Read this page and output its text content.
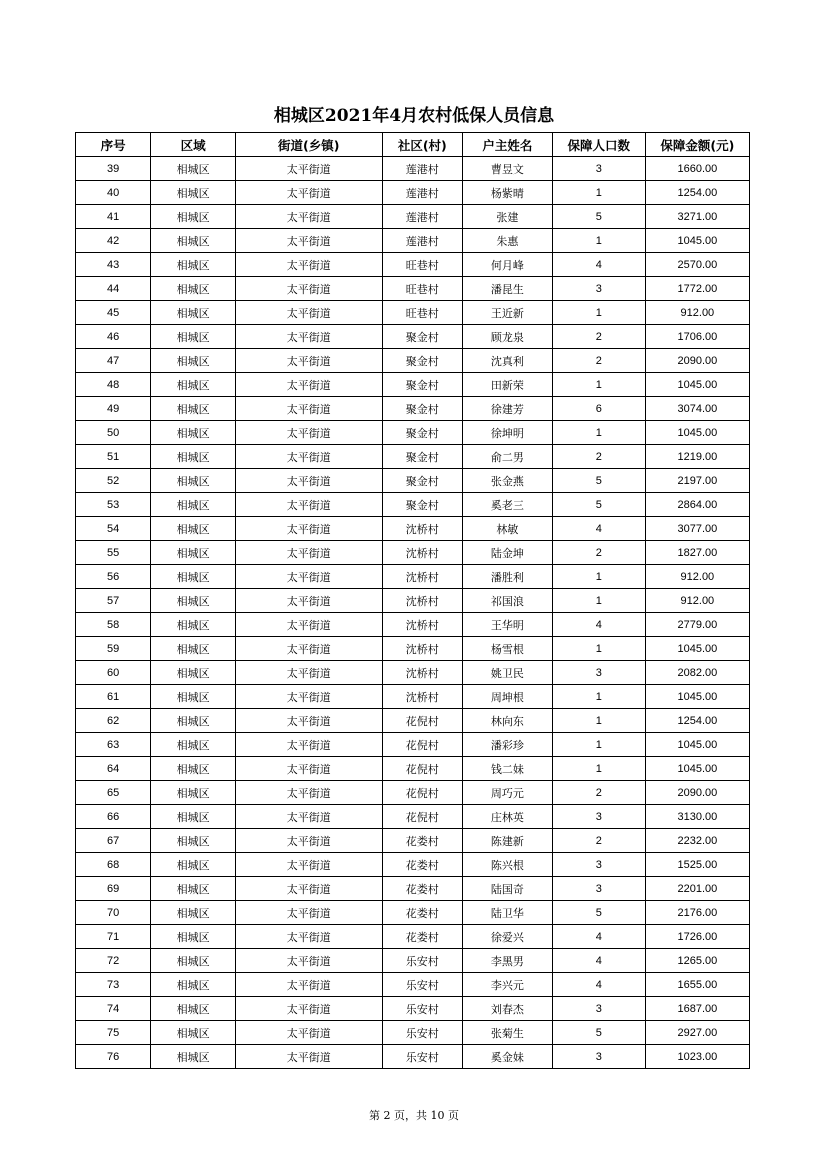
相城区2021年4月农村低保人员信息
序号	区域	街道(乡镇)	社区(村)	户主姓名	保障人口数	保障金额(元)
39	相城区	太平街道	莲港村	曹昱文	3	1660.00
40	相城区	太平街道	莲港村	杨紫晴	1	1254.00
41	相城区	太平街道	莲港村	张建	5	3271.00
42	相城区	太平街道	莲港村	朱惠	1	1045.00
43	相城区	太平街道	旺巷村	何月峰	4	2570.00
44	相城区	太平街道	旺巷村	潘昆生	3	1772.00
45	相城区	太平街道	旺巷村	王近新	1	912.00
46	相城区	太平街道	聚金村	顾龙泉	2	1706.00
47	相城区	太平街道	聚金村	沈真利	2	2090.00
48	相城区	太平街道	聚金村	田新荣	1	1045.00
49	相城区	太平街道	聚金村	徐建芳	6	3074.00
50	相城区	太平街道	聚金村	徐坤明	1	1045.00
51	相城区	太平街道	聚金村	俞二男	2	1219.00
52	相城区	太平街道	聚金村	张金燕	5	2197.00
53	相城区	太平街道	聚金村	奚老三	5	2864.00
54	相城区	太平街道	沈桥村	林敏	4	3077.00
55	相城区	太平街道	沈桥村	陆金坤	2	1827.00
56	相城区	太平街道	沈桥村	潘胜利	1	912.00
57	相城区	太平街道	沈桥村	祁国浪	1	912.00
58	相城区	太平街道	沈桥村	王华明	4	2779.00
59	相城区	太平街道	沈桥村	杨雪根	1	1045.00
60	相城区	太平街道	沈桥村	姚卫民	3	2082.00
61	相城区	太平街道	沈桥村	周坤根	1	1045.00
62	相城区	太平街道	花倪村	林向东	1	1254.00
63	相城区	太平街道	花倪村	潘彩珍	1	1045.00
64	相城区	太平街道	花倪村	钱二妹	1	1045.00
65	相城区	太平街道	花倪村	周巧元	2	2090.00
66	相城区	太平街道	花倪村	庄林英	3	3130.00
67	相城区	太平街道	花娄村	陈建新	2	2232.00
68	相城区	太平街道	花娄村	陈兴根	3	1525.00
69	相城区	太平街道	花娄村	陆国奇	3	2201.00
70	相城区	太平街道	花娄村	陆卫华	5	2176.00
71	相城区	太平街道	花娄村	徐爱兴	4	1726.00
72	相城区	太平街道	乐安村	李黑男	4	1265.00
73	相城区	太平街道	乐安村	李兴元	4	1655.00
74	相城区	太平街道	乐安村	刘春杰	3	1687.00
75	相城区	太平街道	乐安村	张菊生	5	2927.00
76	相城区	太平街道	乐安村	奚金妹	3	1023.00
第 2 页，共 10 页
